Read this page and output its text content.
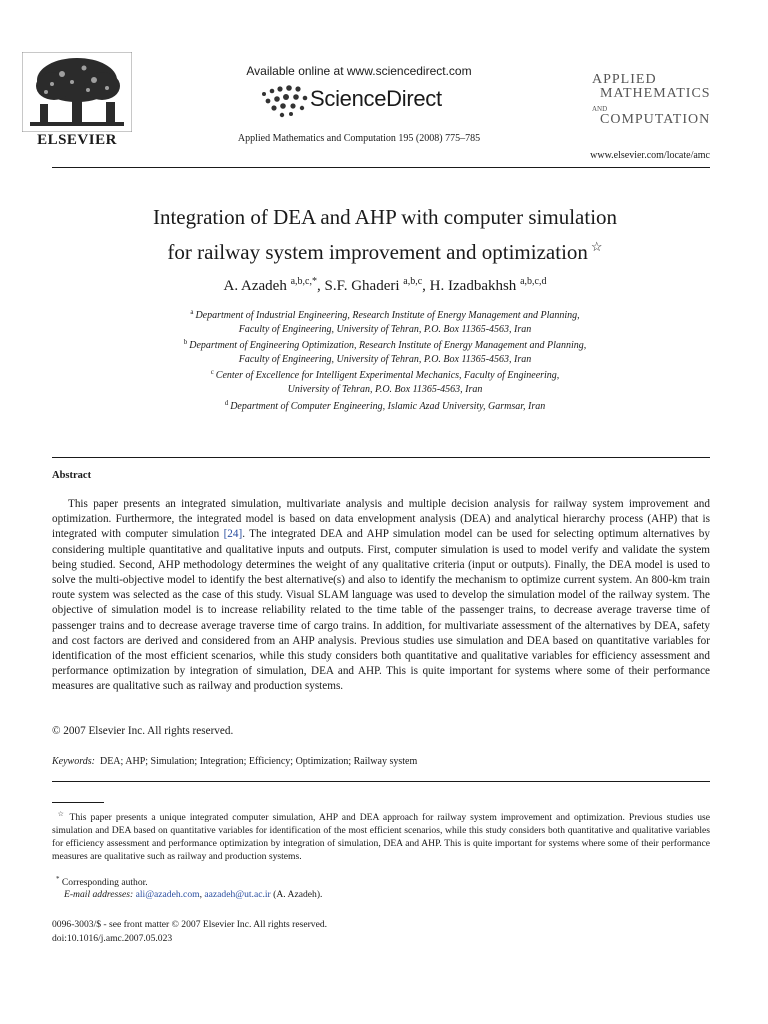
ELSEVIER
Available online at www.sciencedirect.com
ScienceDirect
Applied Mathematics and Computation 195 (2008) 775–785
APPLIED
MATHEMATICS
AND
COMPUTATION
www.elsevier.com/locate/amc
Integration of DEA and AHP with computer simulation
for railway system improvement and optimization ☆
A. Azadeh $^{a,b,c,*}$, S.F. Ghaderi $^{a,b,c}$, H. Izadbakhsh $^{a,b,c,d}$
$^a$ Department of Industrial Engineering, Research Institute of Energy Management and Planning,
Faculty of Engineering, University of Tehran, P.O. Box 11365-4563, Iran
$^b$ Department of Engineering Optimization, Research Institute of Energy Management and Planning,
Faculty of Engineering, University of Tehran, P.O. Box 11365-4563, Iran
$^c$ Center of Excellence for Intelligent Experimental Mechanics, Faculty of Engineering,
University of Tehran, P.O. Box 11365-4563, Iran
$^d$ Department of Computer Engineering, Islamic Azad University, Garmsar, Iran
Abstract
This paper presents an integrated simulation, multivariate analysis and multiple decision analysis for railway system improvement and optimization. Furthermore, the integrated model is based on data envelopment analysis (DEA) and analytical hierarchy process (AHP) that is integrated with computer simulation [24]. The integrated DEA and AHP simulation model can be used for selecting optimum alternatives by considering multiple quantitative and qualitative inputs and outputs. First, computer simulation is used to model verify and validate the system being studied. Second, AHP methodology determines the weight of any qualitative criteria (input or outputs). Finally, the DEA model is used to solve the multi-objective model to identify the best alternative(s) and also to identify the mechanism to optimize current system. An 800-km train route system was selected as the case of this study. Visual SLAM language was used to develop the simulation model of the railway system. The objective of simulation model is to increase reliability related to the time table of the passenger trains, to decrease average traverse time of passenger trains and to decrease average traverse time of cargo trains. In addition, for multivariate assessment of the alternatives by DEA, safety and cost factors are derived and considered from an AHP analysis. Previous studies use simulation and DEA based on quantitative variables for identification of the most efficient scenarios, while this study considers both quantitative and qualitative variables for efficiency assessment and performance optimization by integration of simulation, DEA and AHP. This is quite important for systems where some of their performance measures are qualitative such as railway and production systems.
© 2007 Elsevier Inc. All rights reserved.
Keywords: DEA; AHP; Simulation; Integration; Efficiency; Optimization; Railway system
☆ This paper presents a unique integrated computer simulation, AHP and DEA approach for railway system improvement and optimization. Previous studies use simulation and DEA based on quantitative variables for identification of the most efficient scenarios, while this study considers both quantitative and qualitative variables for efficiency assessment and performance optimization by integration of simulation, DEA and AHP. This is quite important for systems where some of their performance measures are qualitative such as railway and production systems.
* Corresponding author.
E-mail addresses: ali@azadeh.com, aazadeh@ut.ac.ir (A. Azadeh).
0096-3003/$ - see front matter © 2007 Elsevier Inc. All rights reserved.
doi:10.1016/j.amc.2007.05.023
